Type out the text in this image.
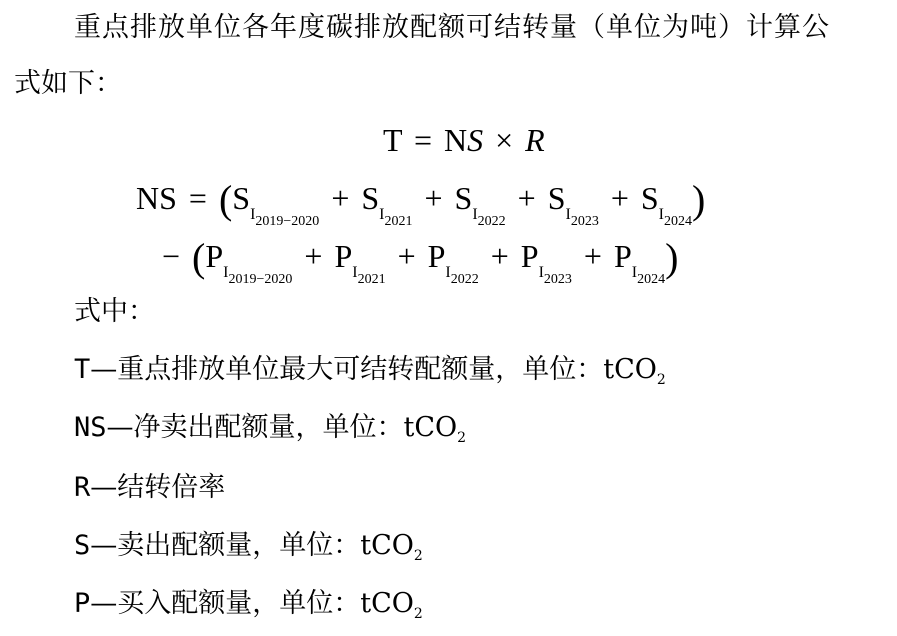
重点排放单位各年度碳排放配额可结转量（单位为吨）计算公
式如下：
T = NS × R
NS = (SI2019−2020 + SI2021 + SI2022 + SI2023 + SI2024)
− (PI2019−2020 + PI2021 + PI2022 + PI2023 + PI2024)
式中：
T—重点排放单位最大可结转配额量，单位：tCO$_2$
NS—净卖出配额量，单位：tCO$_2$
R—结转倍率
S—卖出配额量，单位：tCO$_2$
P—买入配额量，单位：tCO$_2$
